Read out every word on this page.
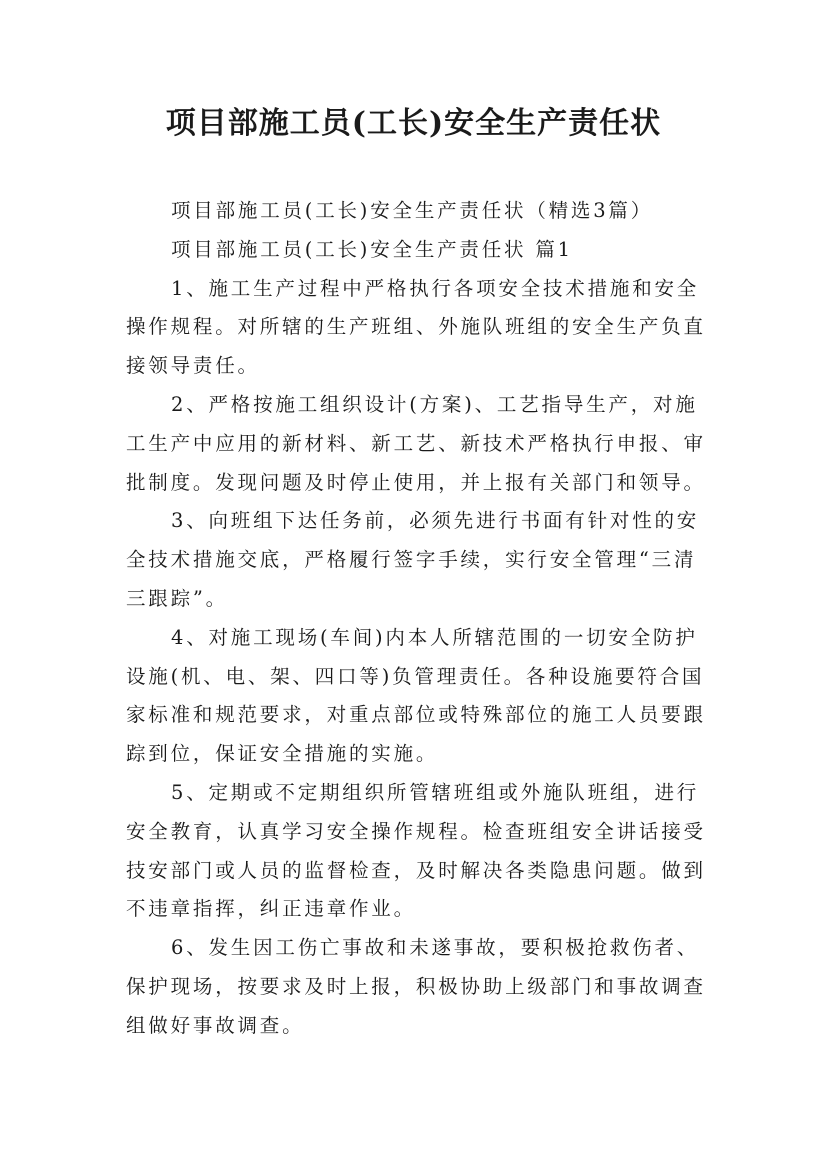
项目部施工员(工长)安全生产责任状

项目部施工员(工长)安全生产责任状（精选3篇）

项目部施工员(工长)安全生产责任状 篇1

1、施工生产过程中严格执行各项安全技术措施和安全

操作规程。对所辖的生产班组、外施队班组的安全生产负直

接领导责任。

2、严格按施工组织设计(方案)、工艺指导生产，对施

工生产中应用的新材料、新工艺、新技术严格执行申报、审

批制度。发现问题及时停止使用，并上报有关部门和领导。

3、向班组下达任务前，必须先进行书面有针对性的安

全技术措施交底，严格履行签字手续，实行安全管理“三清

三跟踪”。

4、对施工现场(车间)内本人所辖范围的一切安全防护

设施(机、电、架、四口等)负管理责任。各种设施要符合国

家标准和规范要求，对重点部位或特殊部位的施工人员要跟

踪到位，保证安全措施的实施。

5、定期或不定期组织所管辖班组或外施队班组，进行

安全教育，认真学习安全操作规程。检查班组安全讲话接受

技安部门或人员的监督检查，及时解决各类隐患问题。做到

不违章指挥，纠正违章作业。

6、发生因工伤亡事故和未遂事故，要积极抢救伤者、

保护现场，按要求及时上报，积极协助上级部门和事故调查

组做好事故调查。
